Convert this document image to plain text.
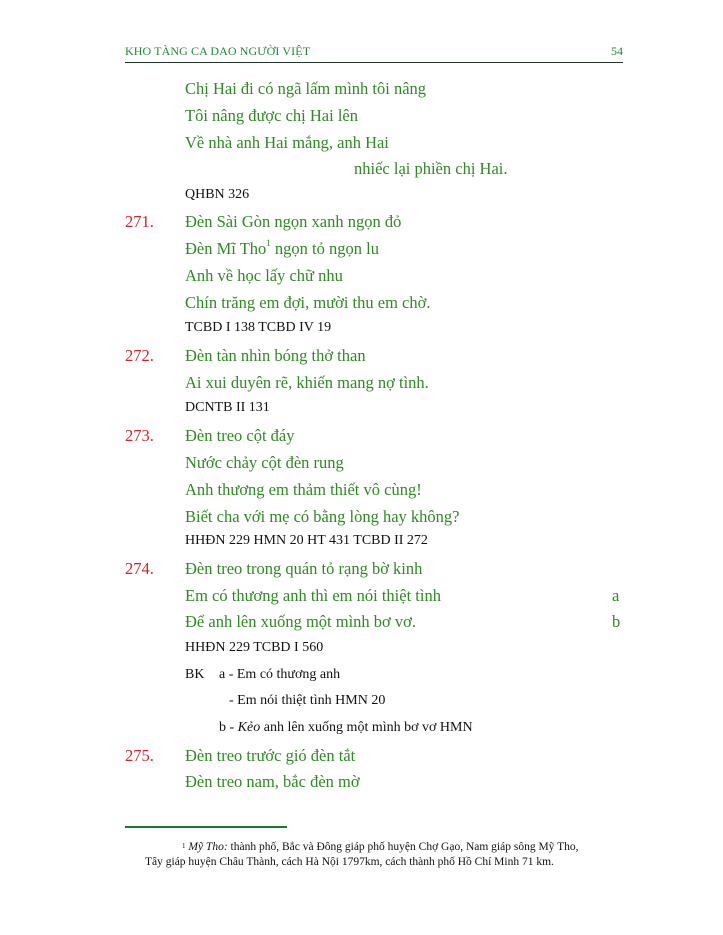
KHO TÀNG CA DAO NGƯỜI VIỆT	54
Chị Hai đi có ngã lấm mình tôi nâng
Tôi nâng được chị Hai lên
Về nhà anh Hai mắng, anh Hai
nhiếc lại phiền chị Hai.
QHBN 326
271. Đèn Sài Gòn ngọn xanh ngọn đỏ
Đèn Mĩ Tho$^1$ ngọn tỏ ngọn lu
Anh về học lấy chữ nhu
Chín trăng em đợi, mười thu em chờ.
TCBD I 138 TCBD IV 19
272. Đèn tàn nhìn bóng thở than
Ai xui duyên rẽ, khiến mang nợ tình.
DCNTB II 131
273. Đèn treo cột đáy
Nước chảy cột đèn rung
Anh thương em thảm thiết vô cùng!
Biết cha với mẹ có bằng lòng hay không?
HHĐN 229 HMN 20 HT 431 TCBD II 272
274. Đèn treo trong quán tỏ rạng bờ kinh
Em có thương anh thì em nói thiệt tình	a
Để anh lên xuống một mình bơ vơ.	b
HHĐN 229 TCBD I 560
BK a - Em có thương anh
- Em nói thiệt tình HMN 20
b - Kẻo anh lên xuống một mình bơ vơ HMN
275. Đèn treo trước gió đèn tắt
Đèn treo nam, bắc đèn mờ
$^1$ Mỹ Tho: thành phố, Bắc và Đông giáp phố huyện Chợ Gạo, Nam giáp sông Mỹ Tho,
Tây giáp huyện Châu Thành, cách Hà Nội 1797km, cách thành phố Hồ Chí Minh 71 km.
